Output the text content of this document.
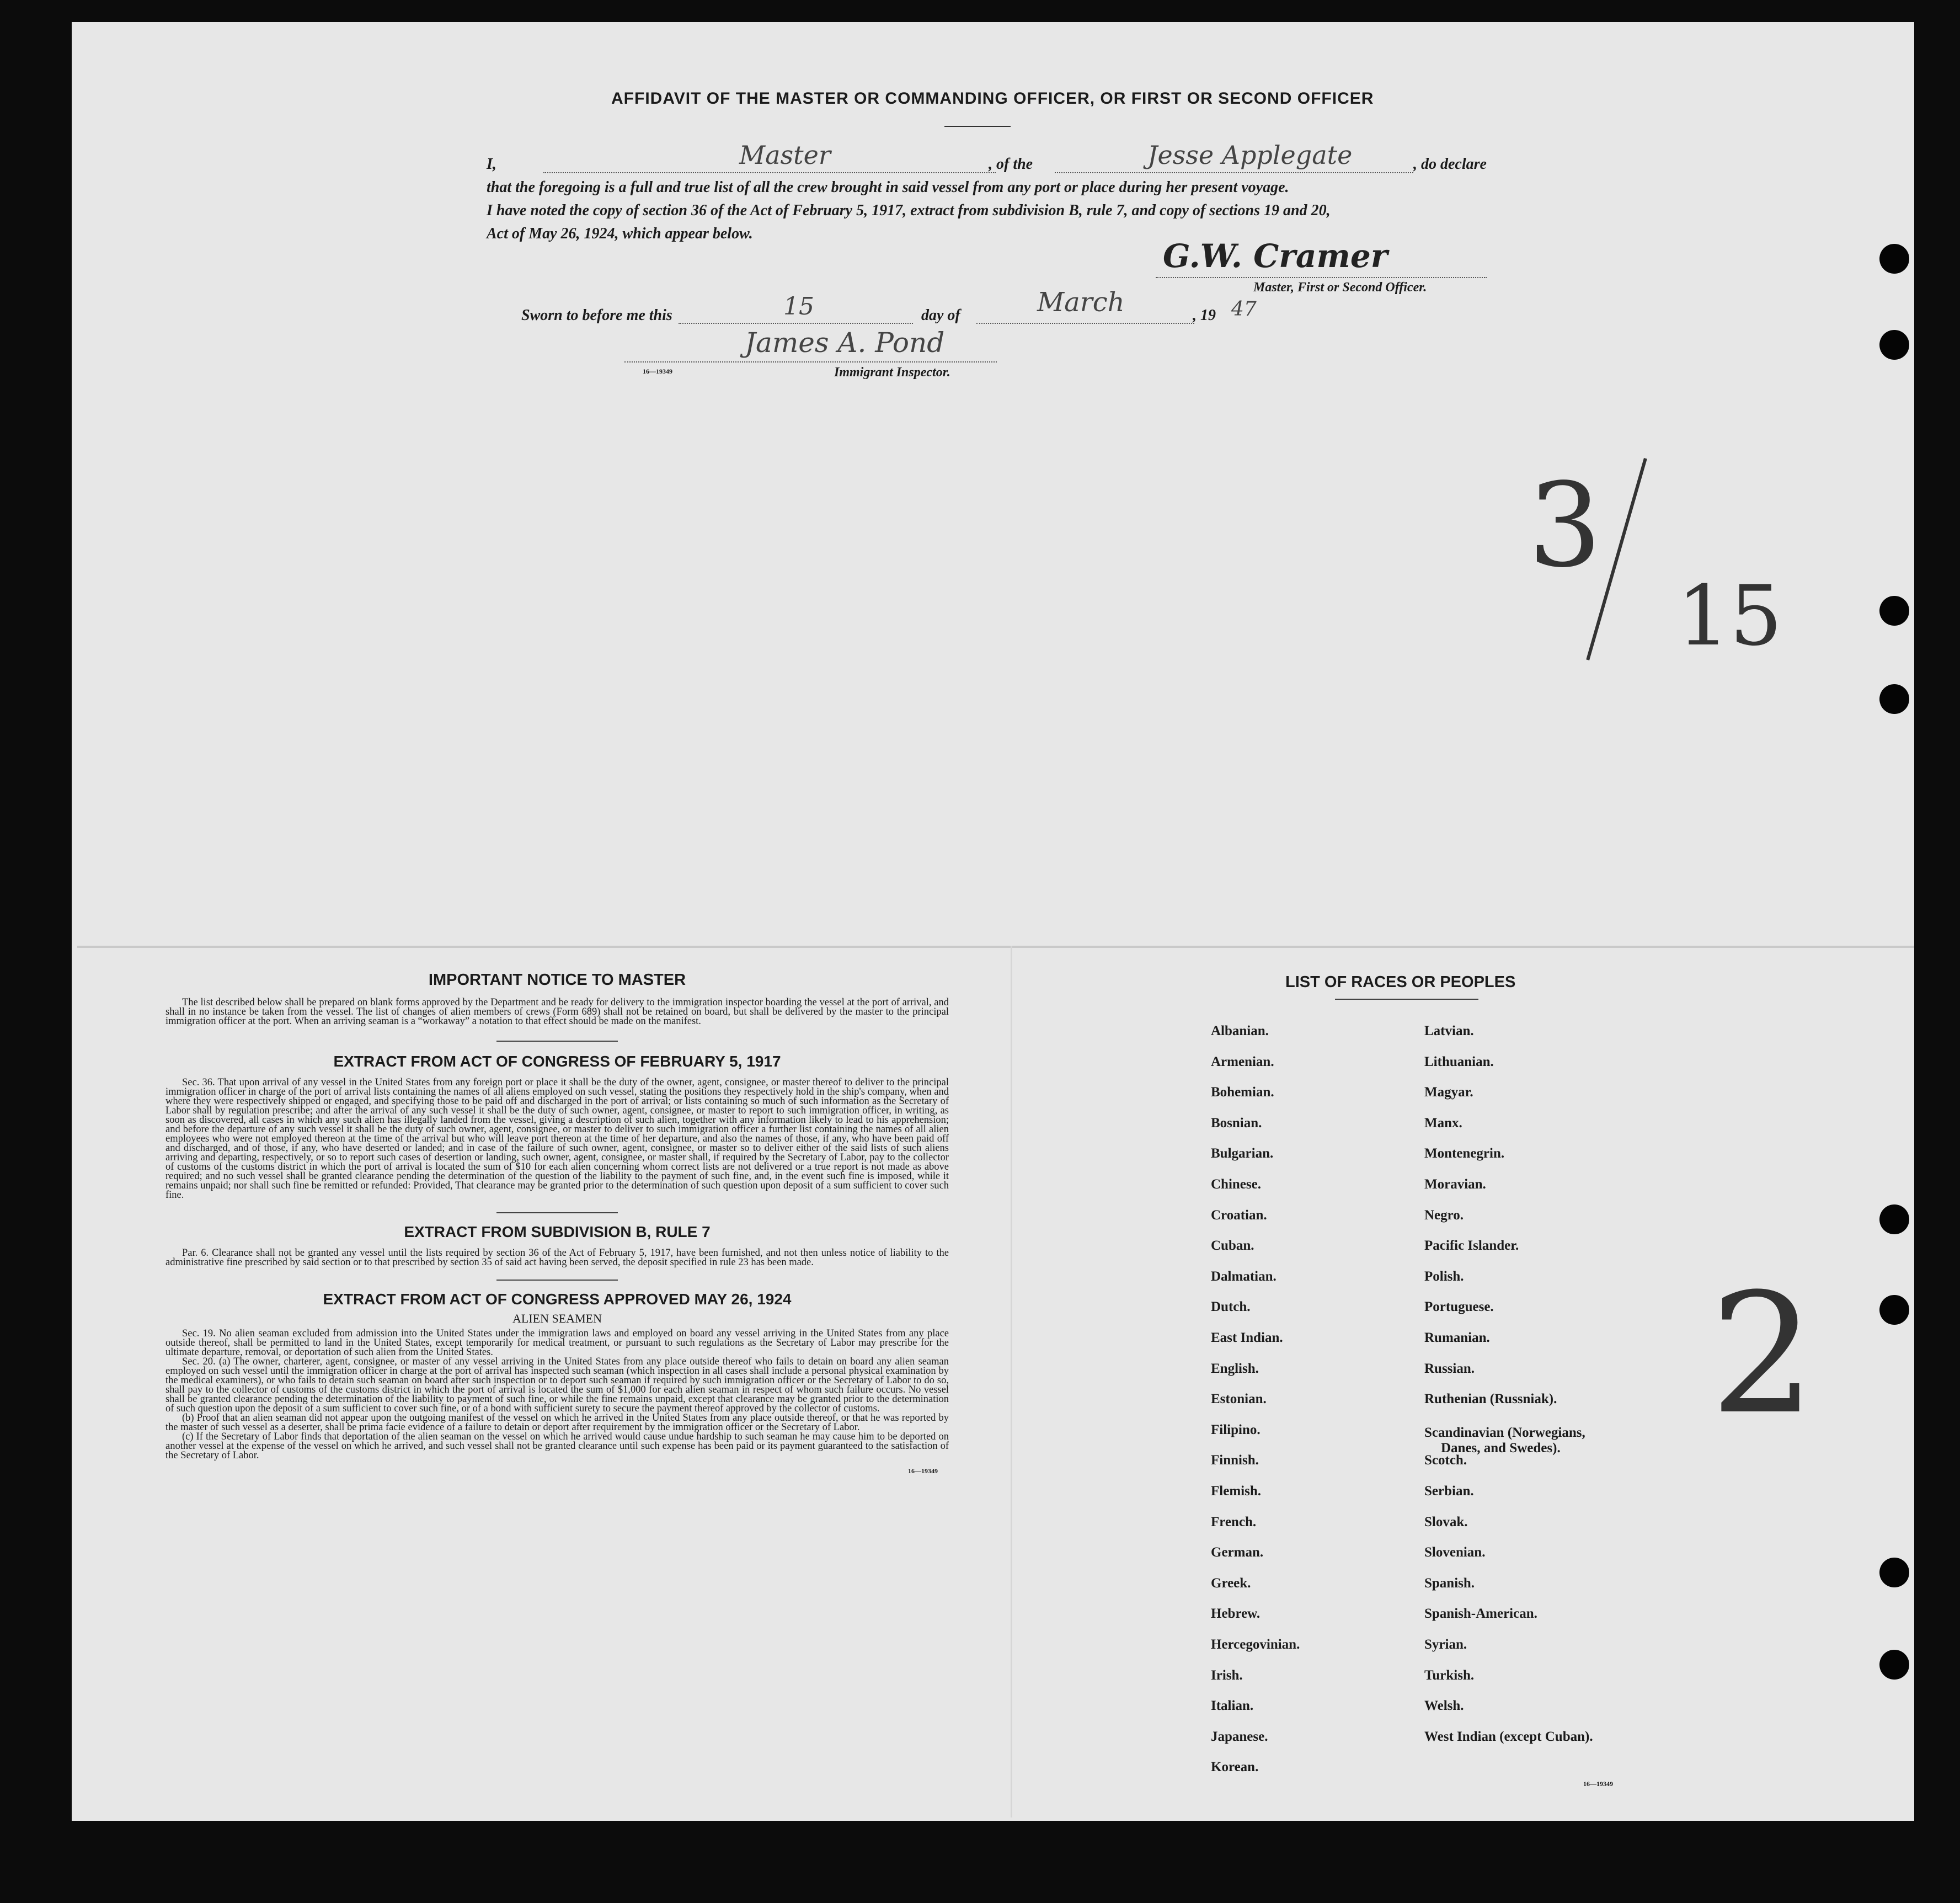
AFFIDAVIT OF THE MASTER OR COMMANDING OFFICER, OR FIRST OR SECOND OFFICER
I,	Master	, of the	Jesse Applegate	, do declare
that the foregoing is a full and true list of all the crew brought in said vessel from any port or place during her present voyage.
I have noted the copy of section 36 of the Act of February 5, 1917, extract from subdivision B, rule 7, and copy of sections 19 and 20,
Act of May 26, 1924, which appear below.
G.W. Cramer
Master, First or Second Officer.
Sworn to before me this	15	day of	March	, 19 47
James A. Pond
16—19349	Immigrant Inspector.
3
15
2
IMPORTANT NOTICE TO MASTER

The list described below shall be prepared on blank forms approved by the Department and be ready for delivery to the immigration inspector boarding the vessel at the port of arrival, and shall in no instance be taken from the vessel. The list of changes of alien members of crews (Form 689) shall not be retained on board, but shall be delivered by the master to the principal immigration officer at the port. When an arriving seaman is a “workaway” a notation to that effect should be made on the manifest.

EXTRACT FROM ACT OF CONGRESS OF FEBRUARY 5, 1917

Sec. 36. That upon arrival of any vessel in the United States from any foreign port or place it shall be the duty of the owner, agent, consignee, or master thereof to deliver to the principal immigration officer in charge of the port of arrival lists containing the names of all aliens employed on such vessel, stating the positions they respectively hold in the ship's company, when and where they were respectively shipped or engaged, and specifying those to be paid off and discharged in the port of arrival; or lists containing so much of such information as the Secretary of Labor shall by regulation prescribe; and after the arrival of any such vessel it shall be the duty of such owner, agent, consignee, or master to report to such immigration officer, in writing, as soon as discovered, all cases in which any such alien has illegally landed from the vessel, giving a description of such alien, together with any information likely to lead to his apprehension; and before the departure of any such vessel it shall be the duty of such owner, agent, consignee, or master to deliver to such immigration officer a further list containing the names of all alien employees who were not employed thereon at the time of the arrival but who will leave port thereon at the time of her departure, and also the names of those, if any, who have been paid off and discharged, and of those, if any, who have deserted or landed; and in case of the failure of such owner, agent, consignee, or master so to deliver either of the said lists of such aliens arriving and departing, respectively, or so to report such cases of desertion or landing, such owner, agent, consignee, or master shall, if required by the Secretary of Labor, pay to the collector of customs of the customs district in which the port of arrival is located the sum of $10 for each alien concerning whom correct lists are not delivered or a true report is not made as above required; and no such vessel shall be granted clearance pending the determination of the question of the liability to the payment of such fine, and, in the event such fine is imposed, while it remains unpaid; nor shall such fine be remitted or refunded: Provided, That clearance may be granted prior to the determination of such question upon deposit of a sum sufficient to cover such fine.

EXTRACT FROM SUBDIVISION B, RULE 7

Par. 6. Clearance shall not be granted any vessel until the lists required by section 36 of the Act of February 5, 1917, have been furnished, and not then unless notice of liability to the administrative fine prescribed by said section or to that prescribed by section 35 of said act having been served, the deposit specified in rule 23 has been made.

EXTRACT FROM ACT OF CONGRESS APPROVED MAY 26, 1924
ALIEN SEAMEN

Sec. 19. No alien seaman excluded from admission into the United States under the immigration laws and employed on board any vessel arriving in the United States from any place outside thereof, shall be permitted to land in the United States, except temporarily for medical treatment, or pursuant to such regulations as the Secretary of Labor may prescribe for the ultimate departure, removal, or deportation of such alien from the United States.

Sec. 20. (a) The owner, charterer, agent, consignee, or master of any vessel arriving in the United States from any place outside thereof who fails to detain on board any alien seaman employed on such vessel until the immigration officer in charge at the port of arrival has inspected such seaman (which inspection in all cases shall include a personal physical examination by the medical examiners), or who fails to detain such seaman on board after such inspection or to deport such seaman if required by such immigration officer or the Secretary of Labor to do so, shall pay to the collector of customs of the customs district in which the port of arrival is located the sum of $1,000 for each alien seaman in respect of whom such failure occurs. No vessel shall be granted clearance pending the determination of the liability to payment of such fine, or while the fine remains unpaid, except that clearance may be granted prior to the determination of such question upon the deposit of a sum sufficient to cover such fine, or of a bond with sufficient surety to secure the payment thereof approved by the collector of customs.

(b) Proof that an alien seaman did not appear upon the outgoing manifest of the vessel on which he arrived in the United States from any place outside thereof, or that he was reported by the master of such vessel as a deserter, shall be prima facie evidence of a failure to detain or deport after requirement by the immigration officer or the Secretary of Labor.

(c) If the Secretary of Labor finds that deportation of the alien seaman on the vessel on which he arrived would cause undue hardship to such seaman he may cause him to be deported on another vessel at the expense of the vessel on which he arrived, and such vessel shall not be granted clearance until such expense has been paid or its payment guaranteed to the satisfaction of the Secretary of Labor.

16—19349
LIST OF RACES OR PEOPLES
Albanian.
Armenian.
Bohemian.
Bosnian.
Bulgarian.
Chinese.
Croatian.
Cuban.
Dalmatian.
Dutch.
East Indian.
English.
Estonian.
Filipino.
Finnish.
Flemish.
French.
German.
Greek.
Hebrew.
Hercegovinian.
Irish.
Italian.
Japanese.
Korean.
Latvian.
Lithuanian.
Magyar.
Manx.
Montenegrin.
Moravian.
Negro.
Pacific Islander.
Polish.
Portuguese.
Rumanian.
Russian.
Ruthenian (Russniak).
Scandinavian (Norwegians,
Danes, and Swedes).
Scotch.
Serbian.
Slovak.
Slovenian.
Spanish.
Spanish-American.
Syrian.
Turkish.
Welsh.
West Indian (except Cuban).
16—19349
